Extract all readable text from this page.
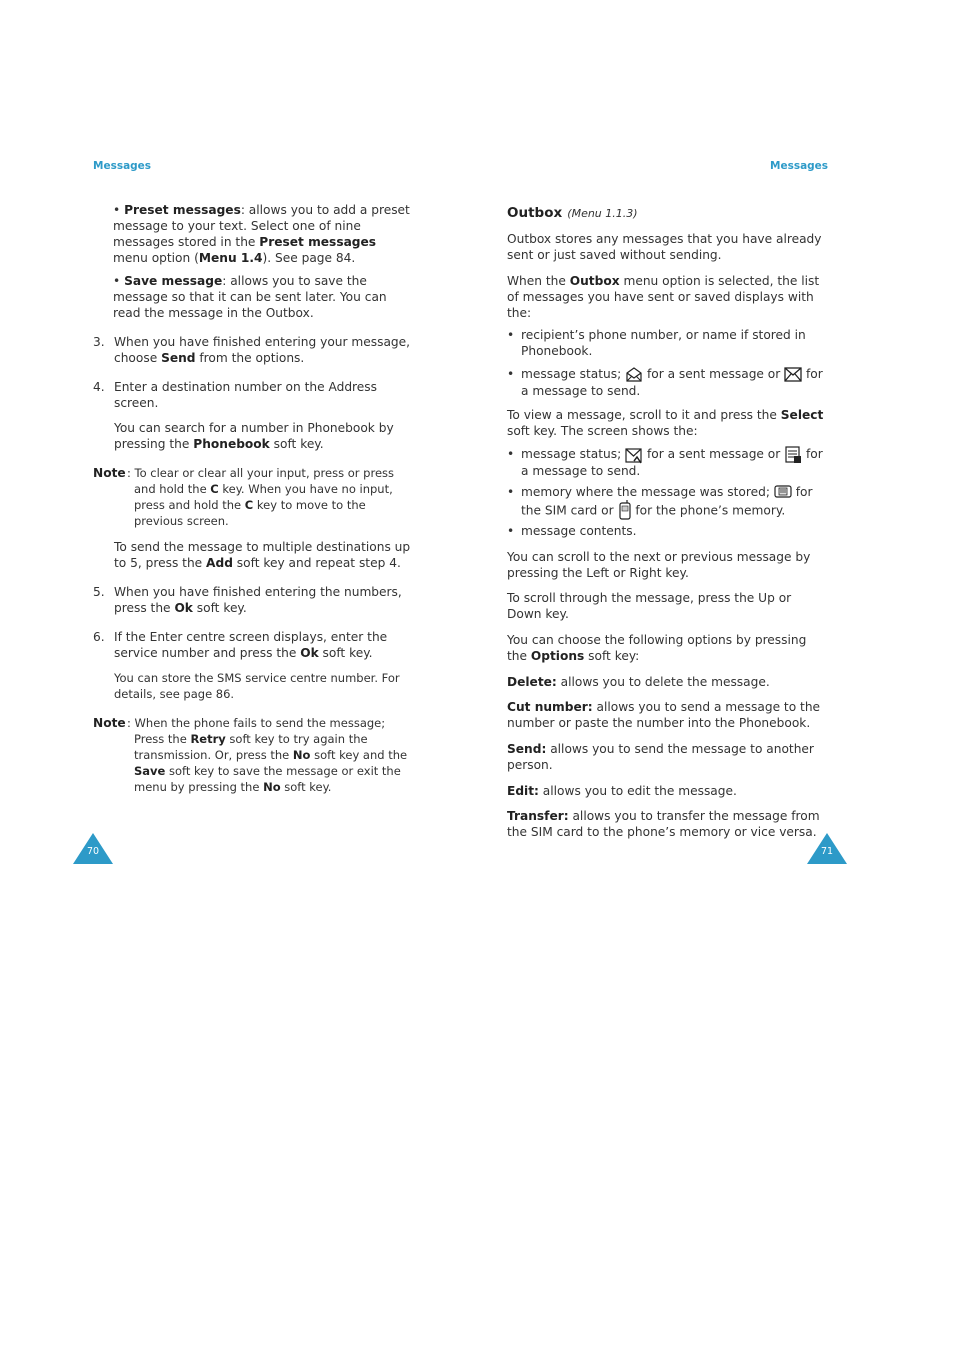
Messages	Messages

• Preset messages: allows you to add a preset message to your text. Select one of nine messages stored in the Preset messages menu option (Menu 1.4). See page 84.

• Save message: allows you to save the message so that it can be sent later. You can read the message in the Outbox.

3. When you have finished entering your message, choose Send from the options.

4. Enter a destination number on the Address screen.

You can search for a number in Phonebook by pressing the Phonebook soft key.

Note : To clear or clear all your input, press or press and hold the C key. When you have no input, press and hold the C key to move to the previous screen.

To send the message to multiple destinations up to 5, press the Add soft key and repeat step 4.

5. When you have finished entering the numbers, press the Ok soft key.

6. If the Enter centre screen displays, enter the service number and press the Ok soft key.

You can store the SMS service centre number. For details, see page 86.

Note : When the phone fails to send the message; Press the Retry soft key to try again the transmission. Or, press the No soft key and the Save soft key to save the message or exit the menu by pressing the No soft key.

70
Outbox (Menu 1.1.3)

Outbox stores any messages that you have already sent or just saved without sending.

When the Outbox menu option is selected, the list of messages you have sent or saved displays with the:

• recipient’s phone number, or name if stored in Phonebook.

• message status;
for a sent message or
for a message to send.

To view a message, scroll to it and press the Select soft key. The screen shows the:

• message status;
for a sent message or
for a message to send.

• memory where the message was stored;
for the SIM card or
for the phone’s memory.

• message contents.

You can scroll to the next or previous message by pressing the Left or Right key.

To scroll through the message, press the Up or Down key.

You can choose the following options by pressing the Options soft key:

Delete: allows you to delete the message.

Cut number: allows you to send a message to the number or paste the number into the Phonebook.

Send: allows you to send the message to another person.

Edit: allows you to edit the message.

Transfer: allows you to transfer the message from the SIM card to the phone’s memory or vice versa.

71
